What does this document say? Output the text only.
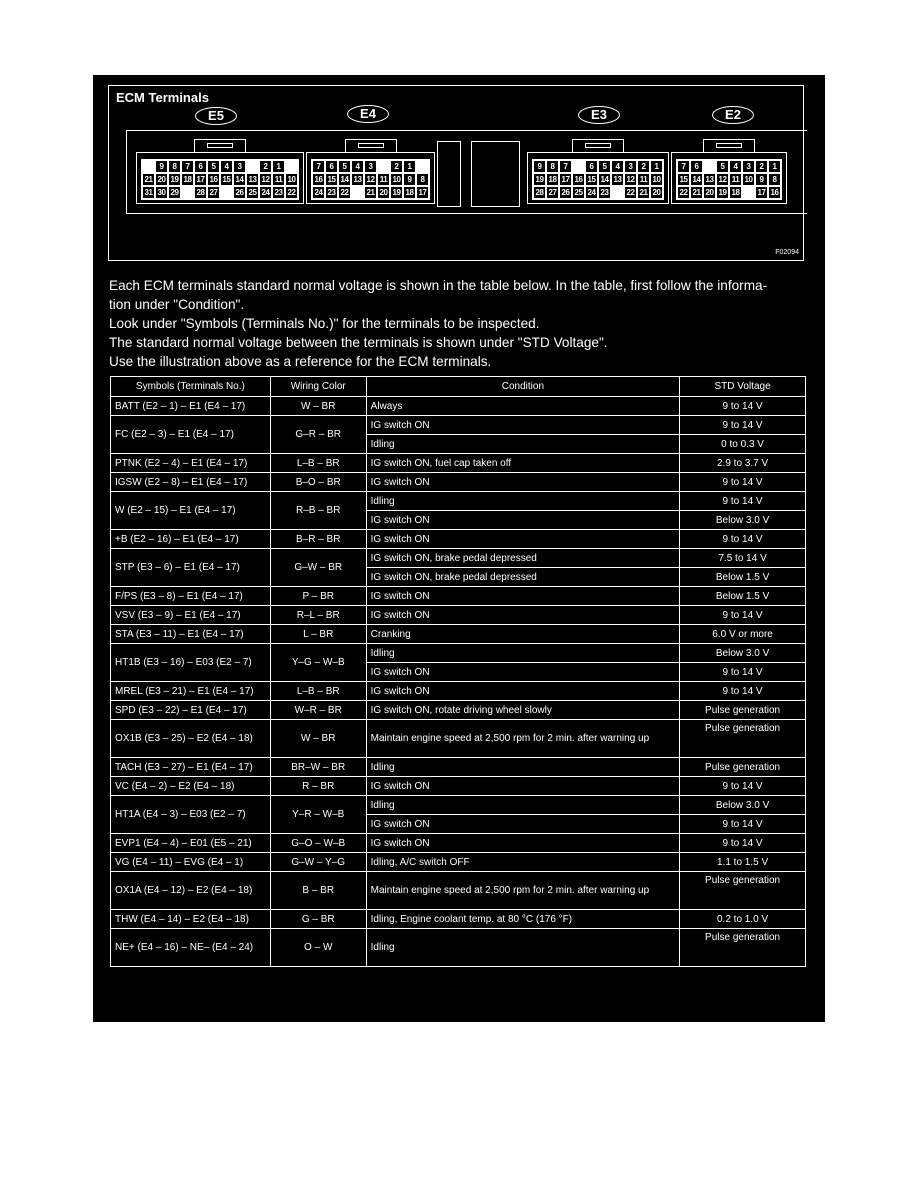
ECM Terminals
E5	E4	E3	E2
9	8	7	6	5	4	3	2	1
21 20 19 18 17 16 15 14 13 12 11 10
31 30 29 28 27 26 25 24 23 22
7	6	5	4	3	2	1
16 15 14 13 12 11 10 9	8
24 23 22 21 20 19 18 17
9	8	7	6	5	4	3	2	1
19 18 17 16 15 14 13 12 11 10
28 27 26 25 24 23 22 21 20
7	6	5	4	3	2	1
15 14 13 12 11 10 9	8
22 21 20 19 18 17 16
F02094

Each ECM terminals standard normal voltage is shown in the table below. In the table, first follow the informa-

tion under "Condition".

Look under "Symbols (Terminals No.)" for the terminals to be inspected.

The standard normal voltage between the terminals is shown under "STD Voltage".

Use the illustration above as a reference for the ECM terminals.

Symbols (Terminals No.)	Wiring Color	Condition	STD Voltage
BATT (E2 – 1) – E1 (E4 – 17)	W – BR	Always	9 to 14 V
FC (E2 – 3) – E1 (E4 – 17)	G–R – BR	IG switch ON	9 to 14 V
		Idling	0 to 0.3 V
PTNK (E2 – 4) – E1 (E4 – 17)	L–B – BR	IG switch ON, fuel cap taken off	2.9 to 3.7 V
IGSW (E2 – 8) – E1 (E4 – 17)	B–O – BR	IG switch ON	9 to 14 V
W (E2 – 15) – E1 (E4 – 17)	R–B – BR	Idling	9 to 14 V
		IG switch ON	Below 3.0 V
+B (E2 – 16) – E1 (E4 – 17)	B–R – BR	IG switch ON	9 to 14 V
STP (E3 – 6) – E1 (E4 – 17)	G–W – BR	IG switch ON, brake pedal depressed	7.5 to 14 V
		IG switch ON, brake pedal depressed	Below 1.5 V
F/PS (E3 – 8) – E1 (E4 – 17)	P – BR	IG switch ON	Below 1.5 V
VSV (E3 – 9) – E1 (E4 – 17)	R–L – BR	IG switch ON	9 to 14 V
STA (E3 – 11) – E1 (E4 – 17)	L – BR	Cranking	6.0 V or more
HT1B (E3 – 16) – E03 (E2 – 7)	Y–G – W–B	Idling	Below 3.0 V
		IG switch ON	9 to 14 V
MREL (E3 – 21) – E1 (E4 – 17)	L–B – BR	IG switch ON	9 to 14 V
SPD (E3 – 22) – E1 (E4 – 17)	W–R – BR	IG switch ON, rotate driving wheel slowly	Pulse generation
OX1B (E3 – 25) – E2 (E4 – 18)	W – BR	Maintain engine speed at 2,500 rpm for 2 min. after warning up	Pulse generation
TACH (E3 – 27) – E1 (E4 – 17)	BR–W – BR	Idling	Pulse generation
VC (E4 – 2) – E2 (E4 – 18)	R – BR	IG switch ON	9 to 14 V
HT1A (E4 – 3) – E03 (E2 – 7)	Y–R – W–B	Idling	Below 3.0 V
		IG switch ON	9 to 14 V
EVP1 (E4 – 4) – E01 (E5 – 21)	G–O – W–B	IG switch ON	9 to 14 V
VG (E4 – 11) – EVG (E4 – 1)	G–W – Y–G	Idling, A/C switch OFF	1.1 to 1.5 V
OX1A (E4 – 12) – E2 (E4 – 18)	B – BR	Maintain engine speed at 2,500 rpm for 2 min. after warning up	Pulse generation
THW (E4 – 14) – E2 (E4 – 18)	G – BR	Idling, Engine coolant temp. at 80 °C (176 °F)	0.2 to 1.0 V
NE+ (E4 – 16) – NE– (E4 – 24)	O – W	Idling	Pulse generation
